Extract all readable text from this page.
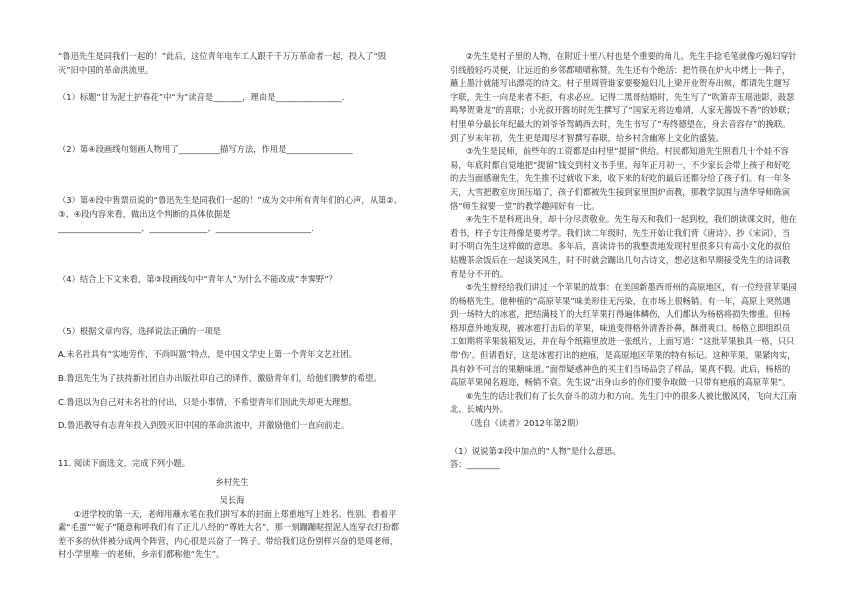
“鲁迅先生是同我们一起的！”此后，这位青年电车工人跟千千万万革命者一起，投入了“毁灭”旧中国的革命洪流里。

（1）标题“甘为泥土护春花”中“为”读音是_______，理由是________________.

（2）第④段画线句刻画人物用了__________描写方法，作用是________________

（3）第④段中售票员说的“鲁迅先生是同我们一起的！”成为文中所有青年们的心声，从第②、③、④段内容来看，做出这个判断的具体依据是

____________________、______________、_______________________.

（4）结合上下文来看，第③段画线句中“青年人”为什么不能改成“李霁野”？

（5）根据文章内容，选择说法正确的一项是

A.未名社具有“实地劳作，不尚叫嚣”特点，是中国文学史上第一个青年文艺社团。

B.鲁迅先生为了扶持新社团自办出版社印自己的译作，激励青年们，给他们腾梦的希望。

C.鲁迅以为自己对未名社的付出，只是小事情，不希望青年们因此失却更大理想。

D.鲁迅教导有志青年投入到毁灭旧中国的革命洪流中，并激励他们一直向前走。

11. 阅读下面选文，完成下列小题。

乡村先生

吴长海

①进学校的第一天，老师用蘸水笔在我们拼写本的封面上郑重地写上姓名、性别。看着平素“毛蛋”“妮子”随意称呼我们有了正儿八经的“尊姓大名”，那一刻蹦蹦哒捏泥人连穿衣打扮都差不多的伙伴被分成两个阵营，内心很是兴奋了一阵子。带给我们这份别样兴奋的是周老师，村小学里唯一的老师，乡亲们都称他“先生”。

②先生是村子里的人物，在附近十里八村也是个重要的角儿。先生手捻毛笔就像巧媳妇穿针引线般轻巧灵便，让远近的乡邻都啧啧称赞。先生还有个绝活：把竹筷在炉火中烤上一阵子，蘸上墨汁就能写出漂亮的诗文。村子里周管谁家要娶媳妇儿上梁开业贺寿出殡，都请先生题写字联，先生一向是来者不拒，有求必应。记得二黑哥结婚时，先生写了“吹箫弄玉瑶池影，鼓瑟鸣琴贺秉龙”的喜联；小光叔开酱坊时先生撰写了“国家无将边难靖，人家无酱饭不香”的妙联；村里单分最长年纪最大的刘爷爷驾鹤西去时，先生书写了“寿终德望在，身去音容存”的挽联。到了岁末年初，先生更是竭尽才智撰写春联，给乡村含幽寒上文化的盛装。

③先生是民师，前些年的工资都是由村里“提留”供给。村民都知道先生照看几十个娃不容易，年底时都自觉地把“提留”钱交到村文书手里。每年正月初一，不少家长会带上孩子和好吃的去当面感谢先生，先生推不过就收下来，收下来的好吃的最后还都分给了孩子们。有一年冬天，大雪把教室房顶压塌了，孩子们都被先生接到家里围炉而教，那教学氛围与清华导师陈寅恪“师生叙要一堂”的教学趣闻好有一比。

④先生不是科班出身，却十分尽责敬业。先生每天和我们一起到校，我们朗读课文时，他在看书，样子专注得像是要考学。我们读二年级时，先生开始让我们背《唐诗》、抄《宋词》，当时不明白先生这样做的意思。多年后，喜读诗书的我整责地发现村里很多只有高小文化的叔伯姑嫂茶余饭后在一起谈笑风生，时不时就会蹦出几句古诗文，想必这和早期接受先生的诗词教育是分不开的。

⑤先生曾经给我们讲过一个苹果的故事：在美国新墨西哥州的高原地区，有一位经营苹果园的杨格先生，他种植的“高原苹果”味美形佳无污染，在市场上很畅销。有一年，高原上突然遇到一场特大的冰雹，把结满枝丫的大红苹果打得遍体鳞伤，人们都认为杨格将损失惨重。但杨格却意外地发现，被冰雹打击后的苹果，味道变得格外清香扑鼻，酥滑爽口。杨格立即组织员工如期将苹果装箱发运，并在每个纸箱里放进一张纸片，上面写道：“这批苹果独具一格，只只带‘伤’。但请看好，这是冰雹打出的疤痕，是高原地区苹果的特有标记。这种苹果，果紧肉实，具有妙不可言的果糖味道。”面带疑惑神色的买主们当场品尝了样品，果真不假。此后，杨格的高原苹果闻名遐迩，畅销不衰。先生说“出身山乡的你们要争取做一只带有疤痕的高原苹果”。

⑥先生的话让我们有了长久奋斗的动力和方向。先生门中的很多人被比傲风冈，飞向大江南北、长城内外。

（选自《读者》2012年第2期）

（1）说说第②段中加点的“人物”是什么意思。

答：________
